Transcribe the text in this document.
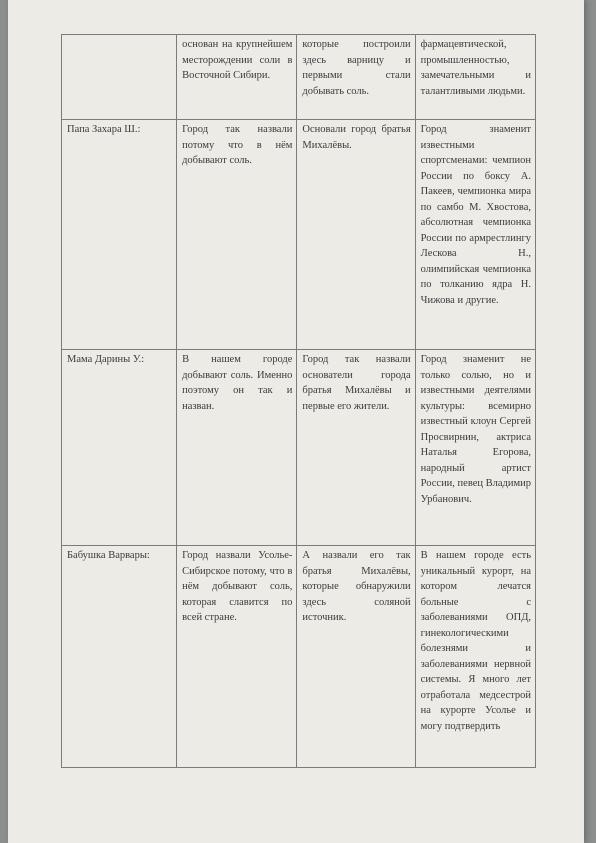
	основан на крупнейшем месторождении соли в Восточной Сибири.	которые построили здесь варницу и первыми стали добывать соль.	фармацевтической, промышленностью, замечательными и талантливыми людьми.
Папа Захара Ш.:	Город так назвали потому что в нём добывают соль.	Основали город братья Михалёвы.	Город знаменит известными спортсменами: чемпион России по боксу А. Пакеев, чемпионка мира по самбо М. Хвостова, абсолютная чемпионка России по армрестлингу Лескова Н., олимпийская чемпионка по толканию ядра Н. Чижова и другие.
Мама Дарины У.:	В нашем городе добывают соль. Именно поэтому он так и назван.	Город так назвали основатели города братья Михалёвы и первые его жители.	Город знаменит не только солью, но и известными деятелями культуры: всемирно известный клоун Сергей Просвирнин, актриса Наталья Егорова, народный артист России, певец Владимир Урбанович.
Бабушка Варвары:	Город назвали Усолье-Сибирское потому, что в нём добывают соль, которая славится по всей стране.	А назвали его так братья Михалёвы, которые обнаружили здесь соляной источник.	В нашем городе есть уникальный курорт, на котором лечатся больные с заболеваниями ОПД, гинекологическими болезнями и заболеваниями нервной системы. Я много лет отработала медсестрой на курорте Усолье и могу подтвердить
